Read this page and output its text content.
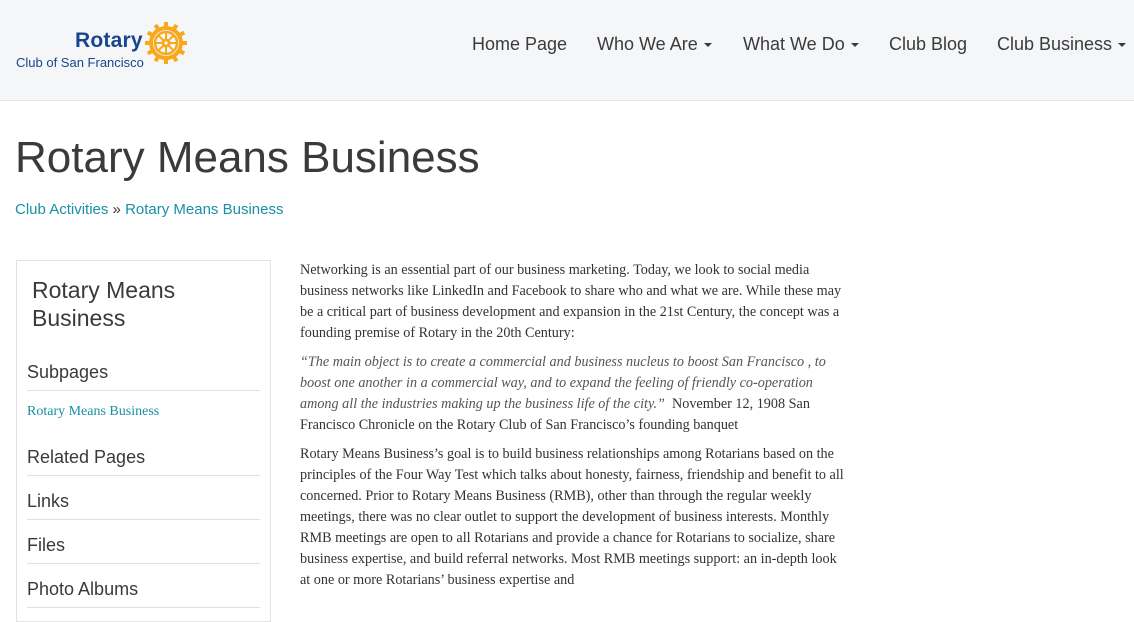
Rotary
Club of San Francisco
Home Page Who We Are	What We Do	Club Blog Club Business
Rotary Means Business
Club Activities » Rotary Means Business
Rotary Means Business
Subpages
Rotary Means Business
Related Pages
Links
Files
Photo Albums

Networking is an essential part of our business marketing. Today, we look to social media business networks like LinkedIn and Facebook to share who and what we are. While these may be a critical part of business development and expansion in the 21st Century, the concept was a founding premise of Rotary in the 20th Century:

“The main object is to create a commercial and business nucleus to boost San Francisco , to boost one another in a commercial way, and to expand the feeling of friendly co-operation among all the industries making up the business life of the city.”  November 12, 1908 San Francisco Chronicle on the Rotary Club of San Francisco’s founding banquet

Rotary Means Business’s goal is to build business relationships among Rotarians based on the principles of the Four Way Test which talks about honesty, fairness, friendship and benefit to all concerned. Prior to Rotary Means Business (RMB), other than through the regular weekly meetings, there was no clear outlet to support the development of business interests. Monthly RMB meetings are open to all Rotarians and provide a chance for Rotarians to socialize, share business expertise, and build referral networks. Most RMB meetings support: an in-depth look at one or more Rotarians’ business expertise and
